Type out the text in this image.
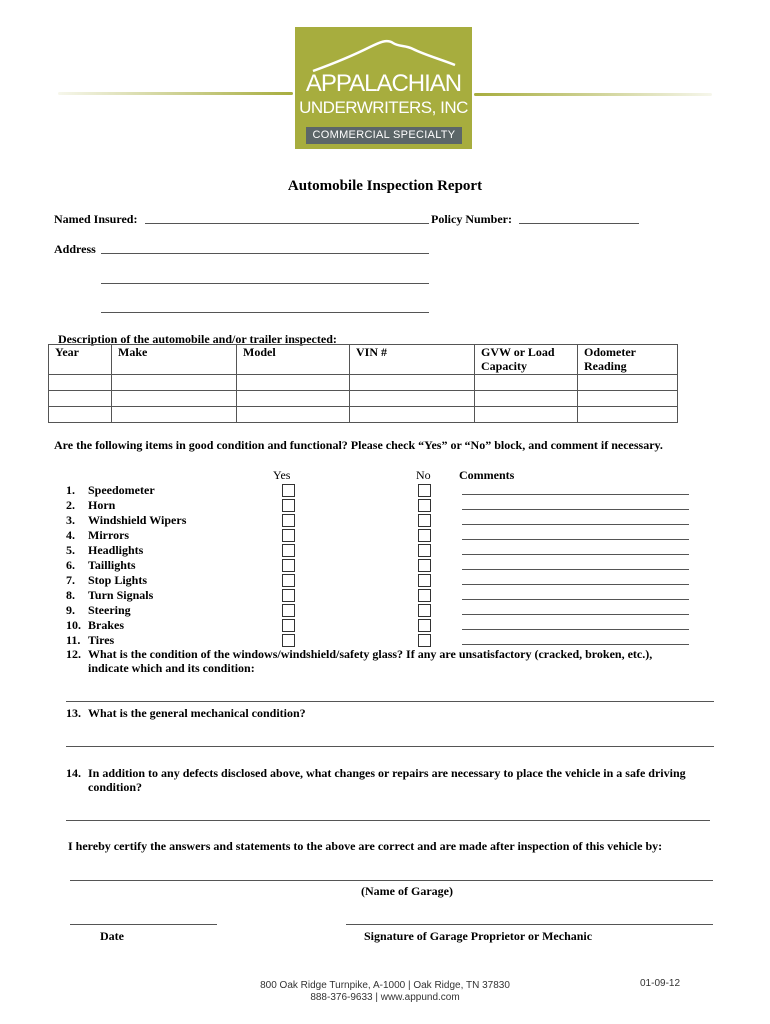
APPALACHIAN
UNDERWRITERS, INC
COMMERCIAL SPECIALTY
Automobile Inspection Report
Named Insured:	Policy Number:
Address
Description of the automobile and/or trailer inspected:
Year	Make	Model	VIN #	GVW or Load Capacity	Odometer Reading

Are the following items in good condition and functional? Please check “Yes” or “No” block, and comment if necessary.
Yes	No Comments
1. Speedometer
2. Horn
3. Windshield Wipers
4. Mirrors
5. Headlights
6. Taillights
7. Stop Lights
8. Turn Signals
9. Steering
10. Brakes
11. Tires
12. What is the condition of the windows/windshield/safety glass? If any are unsatisfactory (cracked, broken, etc.),
indicate which and its condition:
13. What is the general mechanical condition?
14. In addition to any defects disclosed above, what changes or repairs are necessary to place the vehicle in a safe driving
condition?
I hereby certify the answers and statements to the above are correct and are made after inspection of this vehicle by:
(Name of Garage)
Date	Signature of Garage Proprietor or Mechanic
800 Oak Ridge Turnpike, A-1000 | Oak Ridge, TN 37830
888-376-9633 | www.appund.com
01-09-12
